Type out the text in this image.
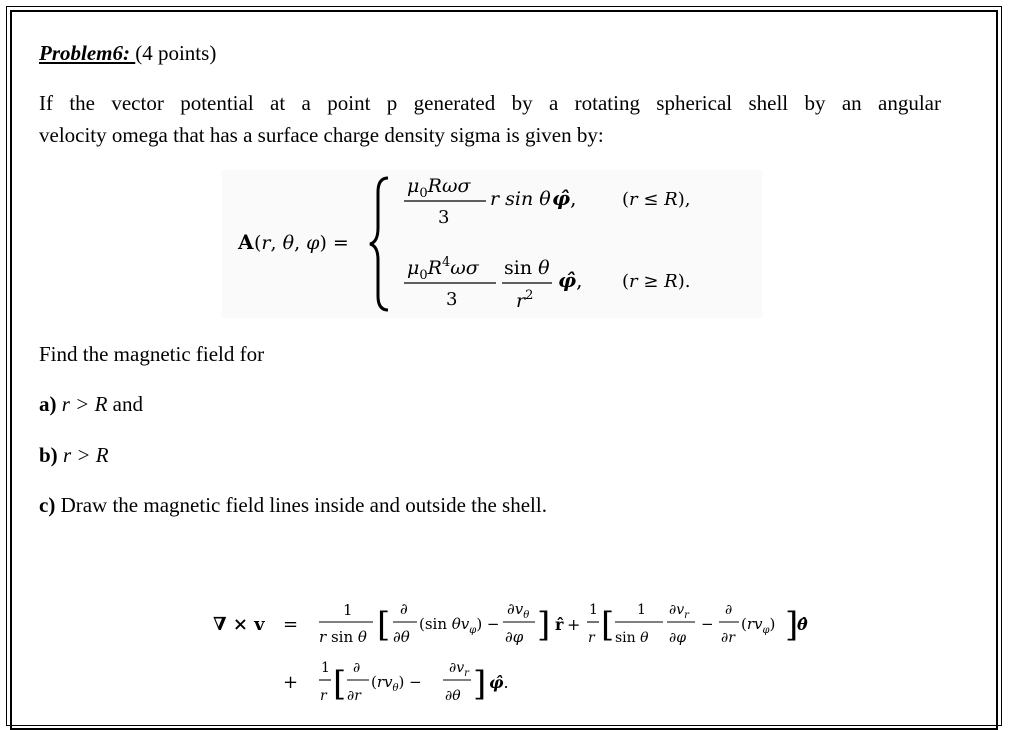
Problem6: (4 points)
If the vector potential at a point p generated by a rotating spherical shell by an angular
velocity omega that has a surface charge density sigma is given by:
A (r, θ, φ) =
$\mu_0R\omega\sigma$
3
r sin θ φ̂,	(r ≤ R),
$\mu_0R^4\omega\sigma$
3
sin θ
$r^2$
φ̂, (r ≥ R).
Find the magnetic field for
a) r > R and
b) r > R
c) Draw the magnetic field lines inside and outside the shell.
∇ × v =
1
r sin θ [ ∂
∂θ
(sin $\theta v_\varphi$) −
$\partial v_\theta$
∂φ ] r̂ +
1
r [ 1
sin θ
$\partial v_r$
∂φ
−
∂
∂r
$(rv_\varphi)$ ]
θ̂
+
1
r [ ∂
∂r
$(rv_\theta)$ −
$\partial v_r$
∂θ ] φ̂.
